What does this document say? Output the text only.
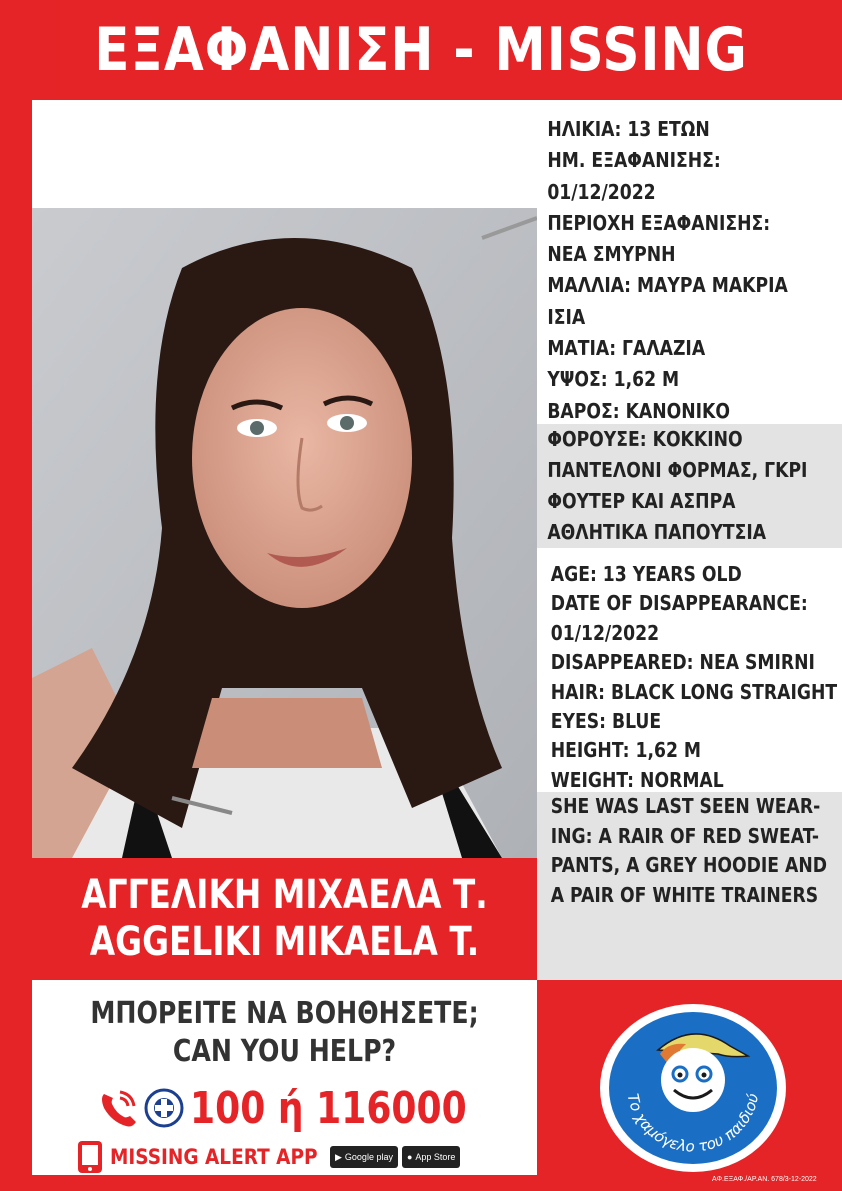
ΕΞΑΦΑΝΙΣΗ - MISSING
ΗΛΙΚΙΑ: 13 ΕΤΩΝ
ΗΜ. ΕΞΑΦΑΝΙΣΗΣ:
01/12/2022
ΠΕΡΙΟΧΗ ΕΞΑΦΑΝΙΣΗΣ:
ΝΕΑ ΣΜΥΡΝΗ
ΜΑΛΛΙΑ: ΜΑΥΡΑ ΜΑΚΡΙΑ
ΙΣΙΑ
ΜΑΤΙΑ: ΓΑΛΑΖΙΑ
ΥΨΟΣ: 1,62 Μ
ΒΑΡΟΣ: ΚΑΝΟΝΙΚΟ
ΦΟΡΟΥΣΕ: ΚΟΚΚΙΝΟ
ΠΑΝΤΕΛΟΝΙ ΦΟΡΜΑΣ, ΓΚΡΙ
ΦΟΥΤΕΡ ΚΑΙ ΑΣΠΡΑ
ΑΘΛΗΤΙΚΑ ΠΑΠΟΥΤΣΙΑ
AGE: 13 YEARS OLD
DATE OF DISAPPEARANCE:
01/12/2022
DISAPPEARED: NEA SMIRNI
HAIR: BLACK LONG STRAIGHT
EYES: BLUE
HEIGHT: 1,62 M
WEIGHT: NORMAL
SHE WAS LAST SEEN WEAR-
ING: A RAIR OF RED SWEAT-
PANTS, A GREY HOODIE AND
A PAIR OF WHITE TRAINERS
ΑΓΓΕΛΙΚΗ ΜΙΧΑΕΛΑ Τ.
AGGELIKI MIKAELA T.
ΜΠΟΡΕΙΤΕ ΝΑ ΒΟΗΘΗΣΕΤΕ;
CAN YOU HELP?
100 ή 116000
MISSING ALERT APP ▶ Google play ● App Store
Το χαμόγελο του παιδιού
ΑΦ.ΕΞΑΦ./AP.AN. 678/3-12-2022
